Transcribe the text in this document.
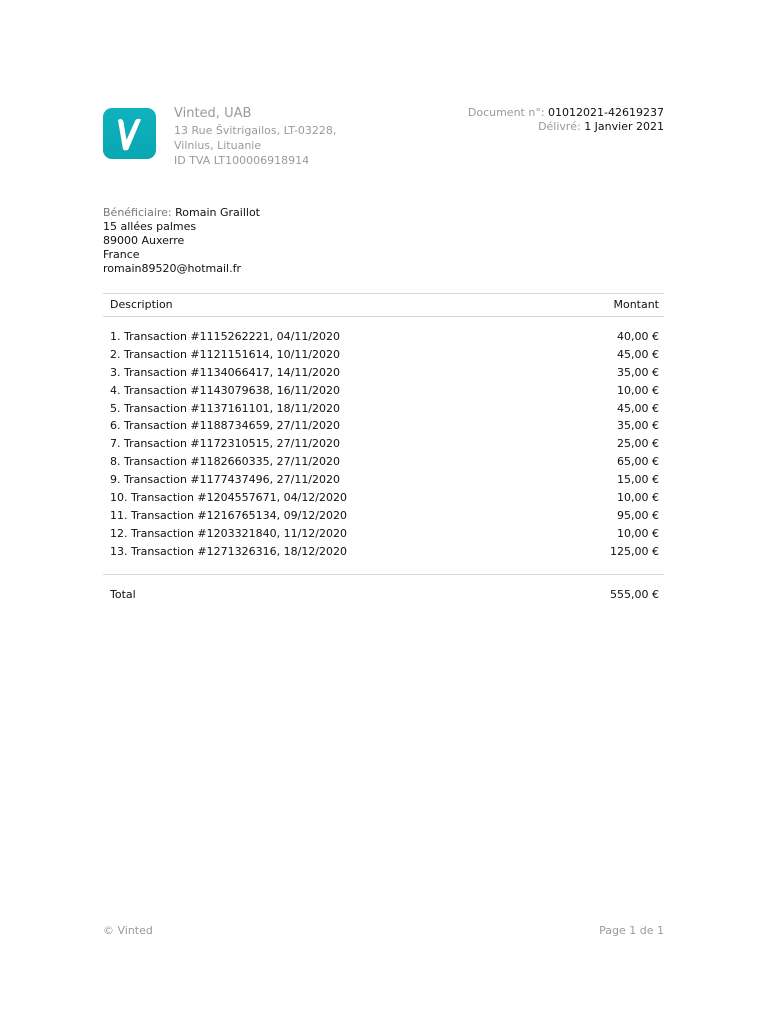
Vinted, UAB
13 Rue Švitrigailos, LT-03228,
Vilnius, Lituanie
ID TVA LT100006918914
Document n°: 01012021-42619237
Délivré: 1 Janvier 2021
Bénéficiaire: Romain Graillot
15 allées palmes
89000 Auxerre
France
romain89520@hotmail.fr
Description	Montant
1. Transaction #1115262221, 04/11/2020	40,00 €
2. Transaction #1121151614, 10/11/2020	45,00 €
3. Transaction #1134066417, 14/11/2020	35,00 €
4. Transaction #1143079638, 16/11/2020	10,00 €
5. Transaction #1137161101, 18/11/2020	45,00 €
6. Transaction #1188734659, 27/11/2020	35,00 €
7. Transaction #1172310515, 27/11/2020	25,00 €
8. Transaction #1182660335, 27/11/2020	65,00 €
9. Transaction #1177437496, 27/11/2020	15,00 €
10. Transaction #1204557671, 04/12/2020	10,00 €
11. Transaction #1216765134, 09/12/2020	95,00 €
12. Transaction #1203321840, 11/12/2020	10,00 €
13. Transaction #1271326316, 18/12/2020	125,00 €
Total	555,00 €
© Vinted	Page 1 de 1
